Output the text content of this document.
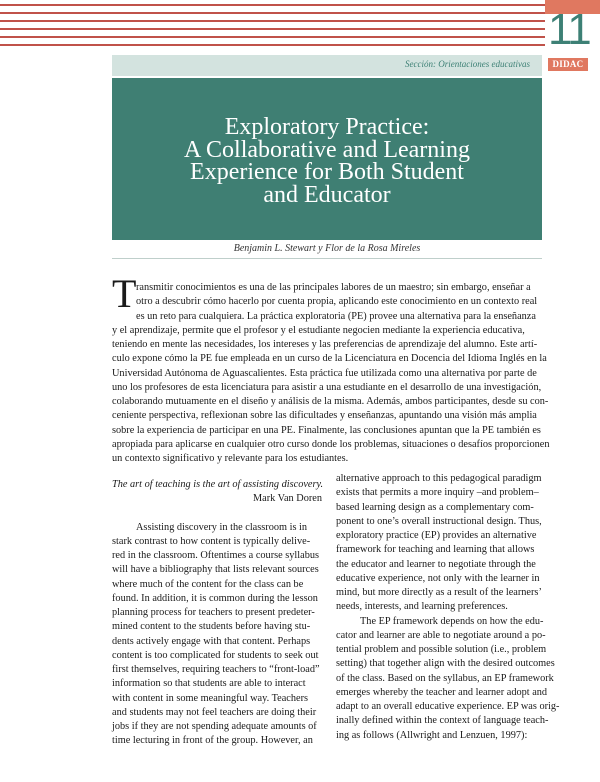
11
Sección: Orientaciones educativas	DIDAC
Exploratory Practice:
A Collaborative and Learning
Experience for Both Student
and Educator
Benjamin L. Stewart y Flor de la Rosa Mireles
T ransmitir conocimientos es una de las principales labores de un maestro; sin embargo, enseñar a
otro a descubrir cómo hacerlo por cuenta propia, aplicando este conocimiento en un contexto real
es un reto para cualquiera. La práctica exploratoria (PE) provee una alternativa para la enseñanza
y el aprendizaje, permite que el profesor y el estudiante negocien mediante la experiencia educativa,
teniendo en mente las necesidades, los intereses y las preferencias de aprendizaje del alumno. Este artí-
culo expone cómo la PE fue empleada en un curso de la Licenciatura en Docencia del Idioma Inglés en la
Universidad Autónoma de Aguascalientes. Esta práctica fue utilizada como una alternativa por parte de
uno los profesores de esta licenciatura para asistir a una estudiante en el desarrollo de una investigación,
colaborando mutuamente en el diseño y análisis de la misma. Además, ambos participantes, desde su con-
ceniente perspectiva, reflexionan sobre las dificultades y enseñanzas, apuntando una visión más amplia
sobre la experiencia de participar en una PE. Finalmente, las conclusiones apuntan que la PE también es
apropiada para aplicarse en cualquier otro curso donde los problemas, situaciones o desafíos proporcionen
un contexto significativo y relevante para los estudiantes.
The art of teaching is the art of assisting discovery.
Mark Van Doren
Assisting discovery in the classroom is in
stark contrast to how content is typically delive-
red in the classroom. Oftentimes a course syllabus
will have a bibliography that lists relevant sources
where much of the content for the class can be
found. In addition, it is common during the lesson
planning process for teachers to present predeter-
mined content to the students before having stu-
dents actively engage with that content. Perhaps
content is too complicated for students to seek out
first themselves, requiring teachers to “front-load”
information so that students are able to interact
with content in some meaningful way. Teachers
and students may not feel teachers are doing their
jobs if they are not spending adequate amounts of
time lecturing in front of the group. However, an
alternative approach to this pedagogical paradigm
exists that permits a more inquiry –and problem–
based learning design as a complementary com-
ponent to one’s overall instructional design. Thus,
exploratory practice (EP) provides an alternative
framework for teaching and learning that allows
the educator and learner to negotiate through the
educative experience, not only with the learner in
mind, but more directly as a result of the learners’
needs, interests, and learning preferences.
The EP framework depends on how the edu-
cator and learner are able to negotiate around a po-
tential problem and possible solution (i.e., problem
setting) that together align with the desired outcomes
of the class. Based on the syllabus, an EP framework
emerges whereby the teacher and learner adopt and
adapt to an overall educative experience. EP was orig-
inally defined within the context of language teach-
ing as follows (Allwright and Lenzuen, 1997):
